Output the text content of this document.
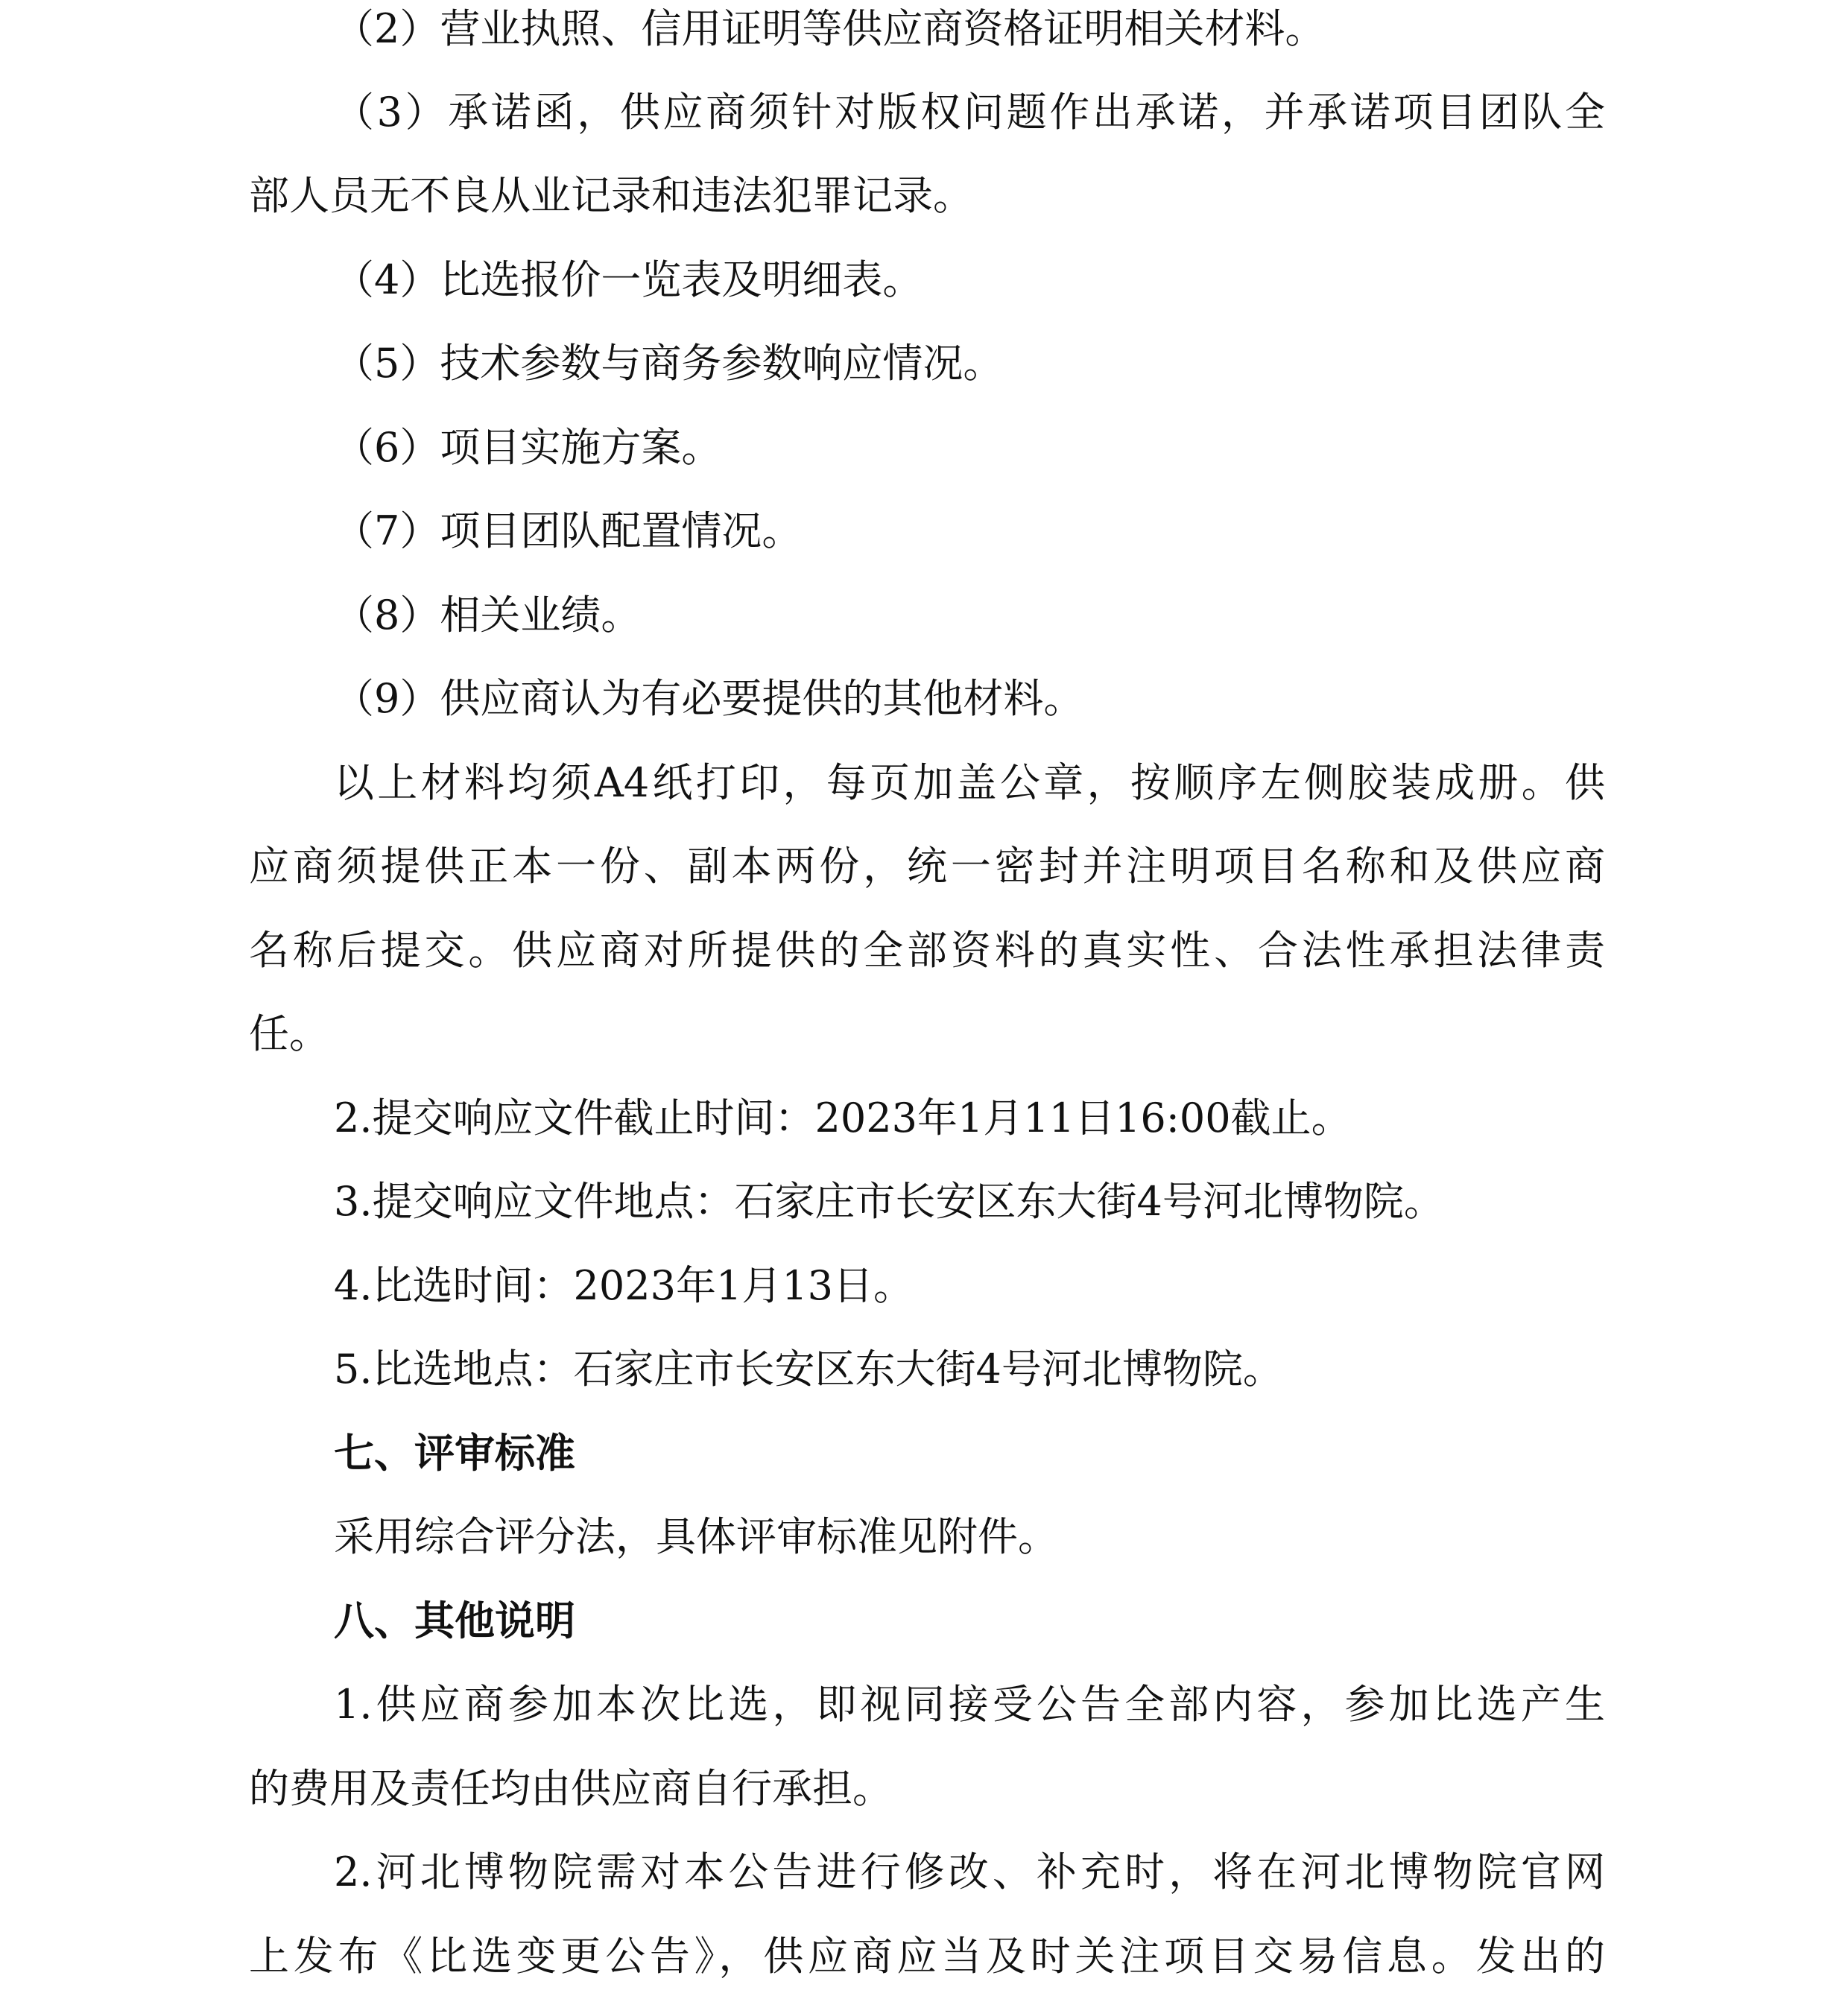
（2）营业执照、信用证明等供应商资格证明相关材料。
（3）承诺函，供应商须针对版权问题作出承诺，并承诺项目团队全
部人员无不良从业记录和违法犯罪记录。
（4）比选报价一览表及明细表。
（5）技术参数与商务参数响应情况。
（6）项目实施方案。
（7）项目团队配置情况。
（8）相关业绩。
（9）供应商认为有必要提供的其他材料。
以上材料均须A4纸打印，每页加盖公章，按顺序左侧胶装成册。供
应商须提供正本一份、副本两份，统一密封并注明项目名称和及供应商
名称后提交。供应商对所提供的全部资料的真实性、合法性承担法律责
任。
2.提交响应文件截止时间：2023年1月11日16:00截止。
3.提交响应文件地点：石家庄市长安区东大街4号河北博物院。
4.比选时间：2023年1月13日。
5.比选地点：石家庄市长安区东大街4号河北博物院。
七、评审标准
采用综合评分法，具体评审标准见附件。
八、其他说明
1.供应商参加本次比选，即视同接受公告全部内容，参加比选产生
的费用及责任均由供应商自行承担。
2.河北博物院需对本公告进行修改、补充时，将在河北博物院官网
上发布《比选变更公告》，供应商应当及时关注项目交易信息。发出的
